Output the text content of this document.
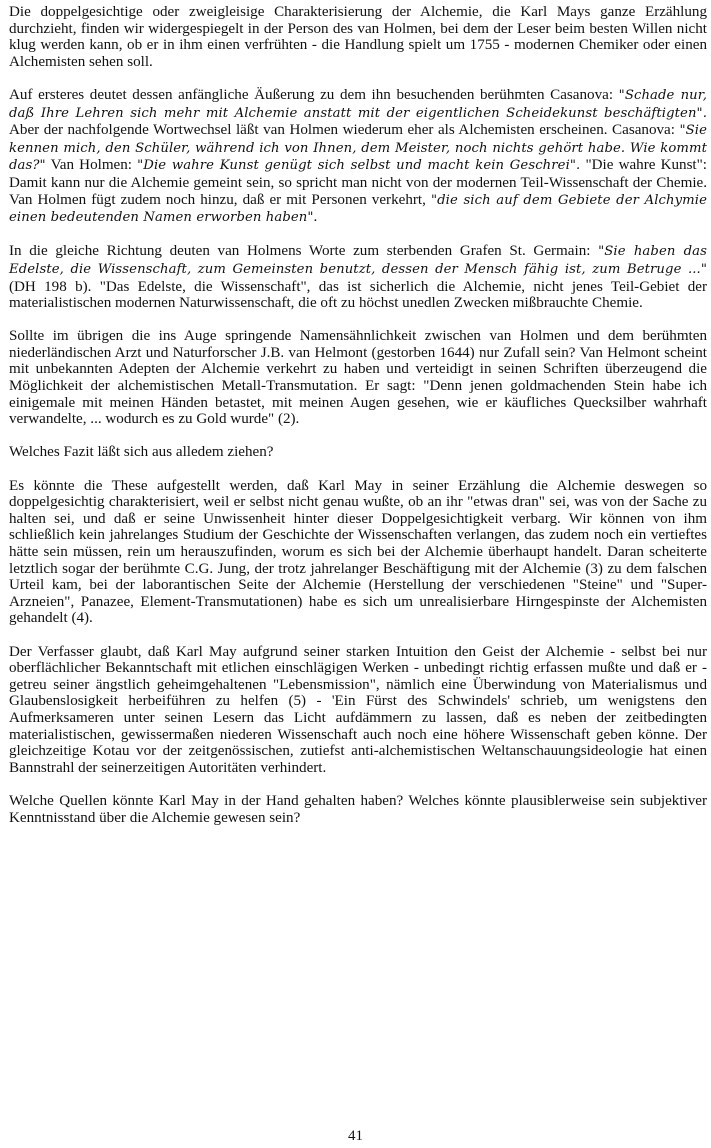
Die doppelgesichtige oder zweigleisige Charakterisierung der Alchemie, die Karl Mays ganze Erzählung durchzieht, finden wir widergespiegelt in der Person des van Holmen, bei dem der Leser beim besten Willen nicht klug werden kann, ob er in ihm einen verfrühten - die Handlung spielt um 1755 - modernen Chemiker oder einen Alchemisten sehen soll.

Auf ersteres deutet dessen anfängliche Äußerung zu dem ihn besuchenden berühmten Casanova: "Schade nur, daß Ihre Lehren sich mehr mit Alchemie anstatt mit der eigentlichen Scheidekunst beschäftigten". Aber der nachfolgende Wortwechsel läßt van Holmen wiederum eher als Alchemisten erscheinen. Casanova: "Sie kennen mich, den Schüler, während ich von Ihnen, dem Meister, noch nichts gehört habe. Wie kommt das?" Van Holmen: "Die wahre Kunst genügt sich selbst und macht kein Geschrei". "Die wahre Kunst": Damit kann nur die Alchemie gemeint sein, so spricht man nicht von der modernen Teil-Wissenschaft der Chemie. Van Holmen fügt zudem noch hinzu, daß er mit Personen verkehrt, "die sich auf dem Gebiete der Alchymie einen bedeutenden Namen erworben haben".

In die gleiche Richtung deuten van Holmens Worte zum sterbenden Grafen St. Germain: "Sie haben das Edelste, die Wissenschaft, zum Gemeinsten benutzt, dessen der Mensch fähig ist, zum Betruge ..." (DH 198 b). "Das Edelste, die Wissenschaft", das ist sicherlich die Alchemie, nicht jenes Teil-Gebiet der materialistischen modernen Naturwissenschaft, die oft zu höchst unedlen Zwecken mißbrauchte Chemie.

Sollte im übrigen die ins Auge springende Namensähnlichkeit zwischen van Holmen und dem berühmten niederländischen Arzt und Naturforscher J.B. van Helmont (gestorben 1644) nur Zufall sein? Van Helmont scheint mit unbekannten Adepten der Alchemie verkehrt zu haben und verteidigt in seinen Schriften überzeugend die Möglichkeit der alchemistischen Metall-Transmutation. Er sagt: "Denn jenen goldmachenden Stein habe ich einigemale mit meinen Händen betastet, mit meinen Augen gesehen, wie er käufliches Quecksilber wahrhaft verwandelte, ... wodurch es zu Gold wurde" (2).

Welches Fazit läßt sich aus alledem ziehen?

Es könnte die These aufgestellt werden, daß Karl May in seiner Erzählung die Alchemie deswegen so doppelgesichtig charakterisiert, weil er selbst nicht genau wußte, ob an ihr "etwas dran" sei, was von der Sache zu halten sei, und daß er seine Unwissenheit hinter dieser Doppelgesichtigkeit verbarg. Wir können von ihm schließlich kein jahrelanges Studium der Geschichte der Wissenschaften verlangen, das zudem noch ein vertieftes hätte sein müssen, rein um herauszufinden, worum es sich bei der Alchemie überhaupt handelt. Daran scheiterte letztlich sogar der berühmte C.G. Jung, der trotz jahrelanger Beschäftigung mit der Alchemie (3) zu dem falschen Urteil kam, bei der laborantischen Seite der Alchemie (Herstellung der verschiedenen "Steine" und "Super-Arzneien", Panazee, Element-Transmutationen) habe es sich um unrealisierbare Hirngespinste der Alchemisten gehandelt (4).

Der Verfasser glaubt, daß Karl May aufgrund seiner starken Intuition den Geist der Alchemie - selbst bei nur oberflächlicher Bekanntschaft mit etlichen einschlägigen Werken - unbedingt richtig erfassen mußte und daß er - getreu seiner ängstlich geheimgehaltenen "Lebensmission", nämlich eine Überwindung von Materialismus und Glaubenslosigkeit herbeiführen zu helfen (5) - 'Ein Fürst des Schwindels' schrieb, um wenigstens den Aufmerksameren unter seinen Lesern das Licht aufdämmern zu lassen, daß es neben der zeitbedingten materialistischen, gewissermaßen niederen Wissenschaft auch noch eine höhere Wissenschaft geben könne. Der gleichzeitige Kotau vor der zeitgenössischen, zutiefst anti-alchemistischen Weltanschauungsideologie hat einen Bannstrahl der seinerzeitigen Autoritäten verhindert.

Welche Quellen könnte Karl May in der Hand gehalten haben? Welches könnte plausiblerweise sein subjektiver Kenntnisstand über die Alchemie gewesen sein?

41
